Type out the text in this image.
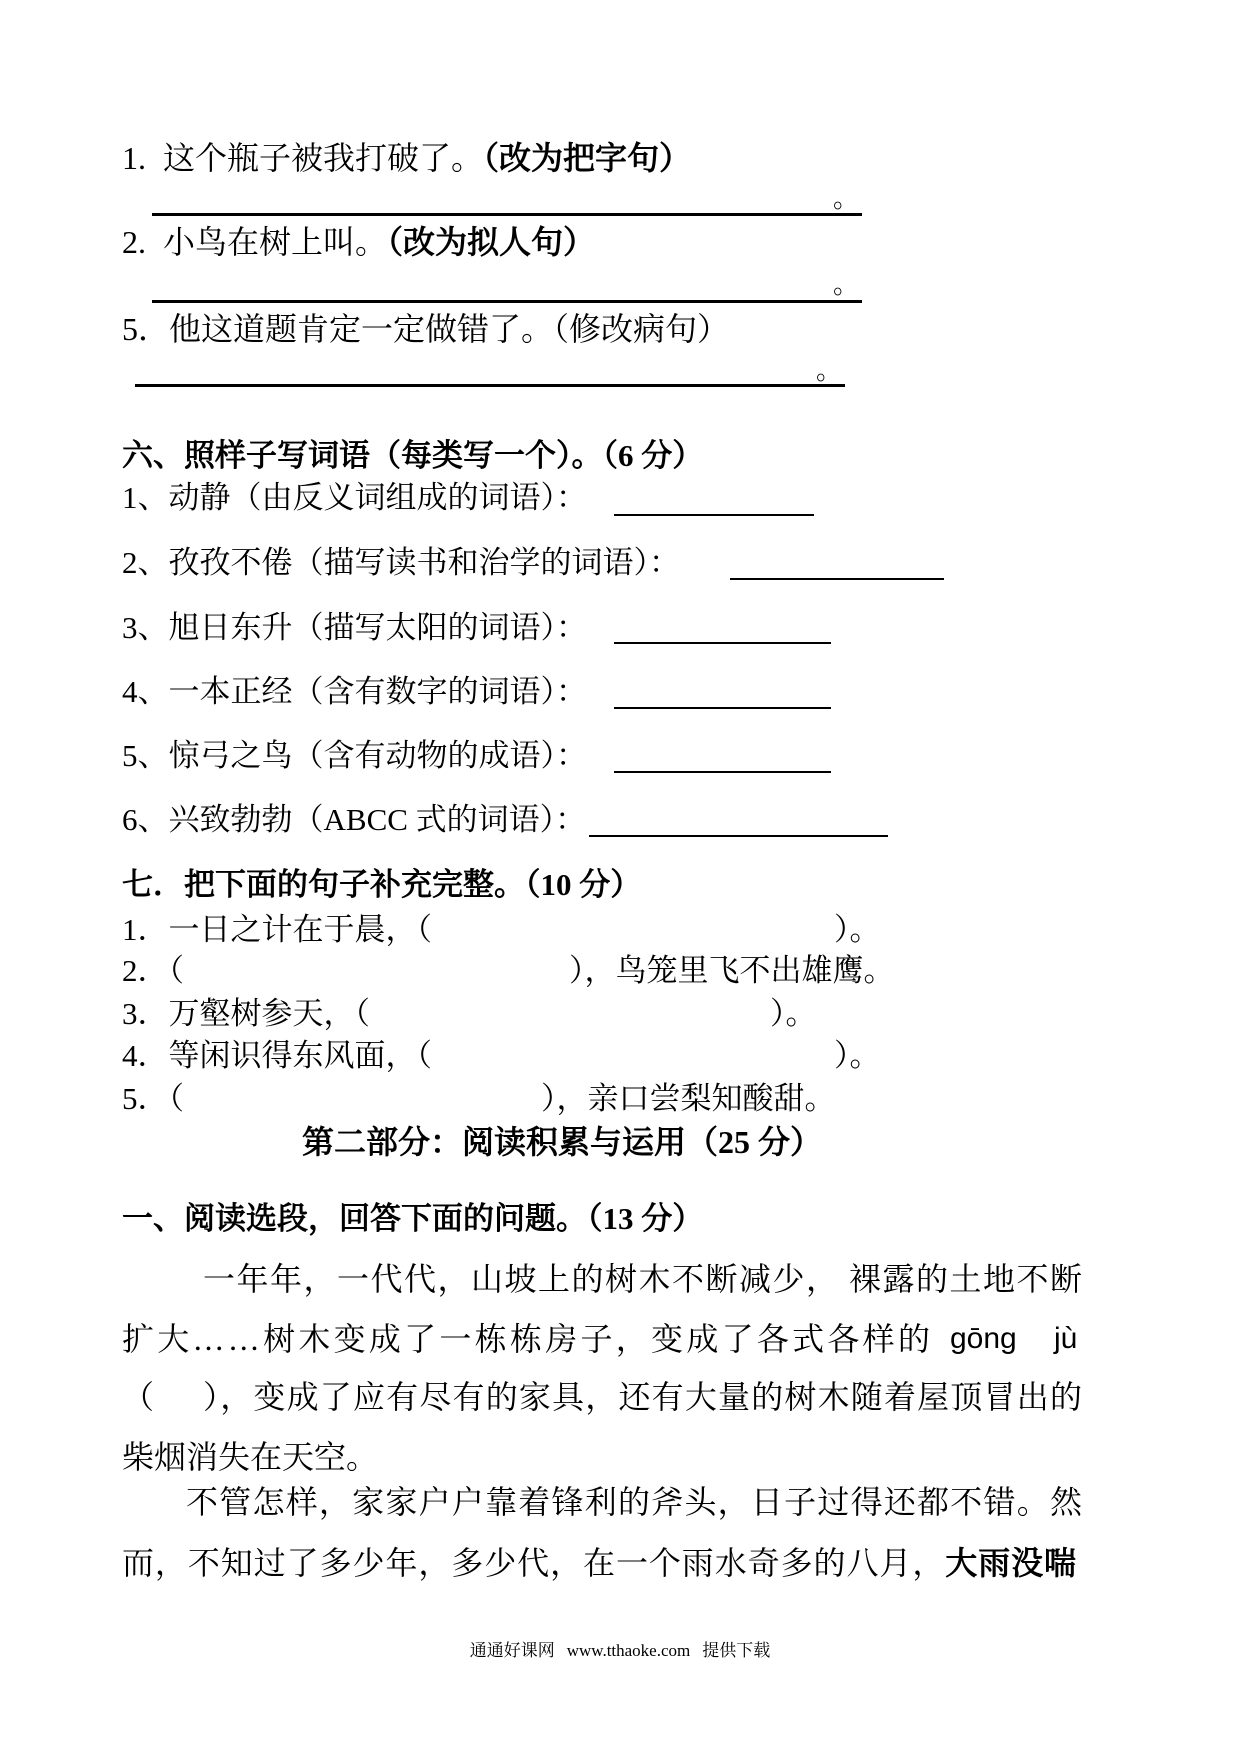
1. 这个瓶子被我打破了。（改为把字句）
。
2. 小鸟在树上叫。（改为拟人句）
。
5．他这道题肯定一定做错了。（修改病句）
。
六、照样子写词语（每类写一个）。（6 分）
1、动静（由反义词组成的词语）：
2、孜孜不倦（描写读书和治学的词语）：
3、旭日东升（描写太阳的词语）：
4、一本正经（含有数字的词语）：
5、惊弓之鸟（含有动物的成语）：
6、兴致勃勃（ABCC 式的词语）：
七．把下面的句子补充完整。（10 分）
1．一日之计在于晨，（	）。
2．（	），鸟笼里飞不出雄鹰。
3．万壑树参天，（	）。
4．等闲识得东风面，（	）。
5．（	），亲口尝梨知酸甜。
第二部分：阅读积累与运用（25 分）
一、阅读选段，回答下面的问题。（13 分）
一年年，一代代，山坡上的树木不断减少， 裸露的土地不断
扩大……树木变成了一栋栋房子，变成了各式各样的 gōng jù
（ ），变成了应有尽有的家具，还有大量的树木随着屋顶冒出的
柴烟消失在天空。
不管怎样，家家户户靠着锋利的斧头，日子过得还都不错。然
而，不知过了多少年，多少代，在一个雨水奇多的八月，大雨没喘
通通好课网 www.tthaoke.com 提供下载
